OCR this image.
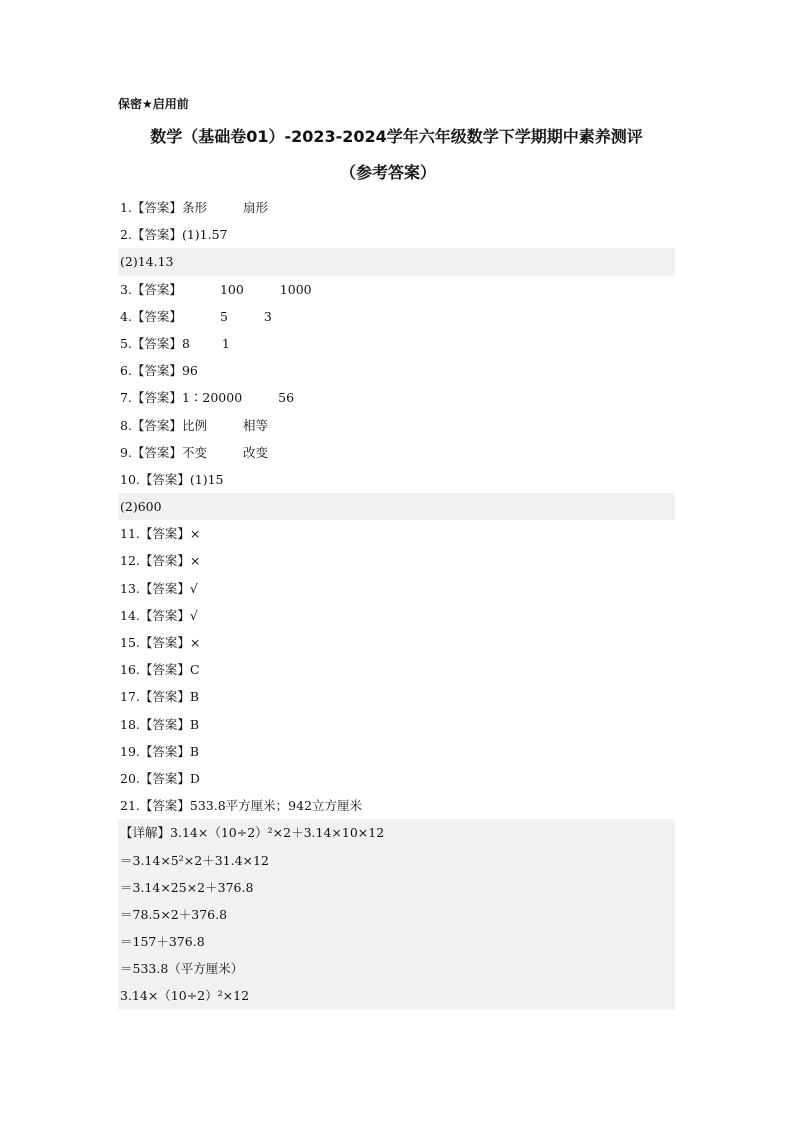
保密★启用前
数学（基础卷01）-2023-2024学年六年级数学下学期期中素养测评
（参考答案）
1.【答案】条形	扇形
2.【答案】(1)1.57
(2)14.13
3.【答案】	100	1000
4.【答案】	5	3
5.【答案】8	1
6.【答案】96
7.【答案】1∶20000	56
8.【答案】比例	相等
9.【答案】不变	改变
10.【答案】(1)15
(2)600
11.【答案】×
12.【答案】×
13.【答案】√
14.【答案】√
15.【答案】×
16.【答案】C
17.【答案】B
18.【答案】B
19.【答案】B
20.【答案】D
21.【答案】533.8平方厘米；942立方厘米
【详解】3.14×（10÷2）²×2＋3.14×10×12
＝3.14×5²×2＋31.4×12
＝3.14×25×2＋376.8
＝78.5×2＋376.8
＝157＋376.8
＝533.8（平方厘米）
3.14×（10÷2）²×12
